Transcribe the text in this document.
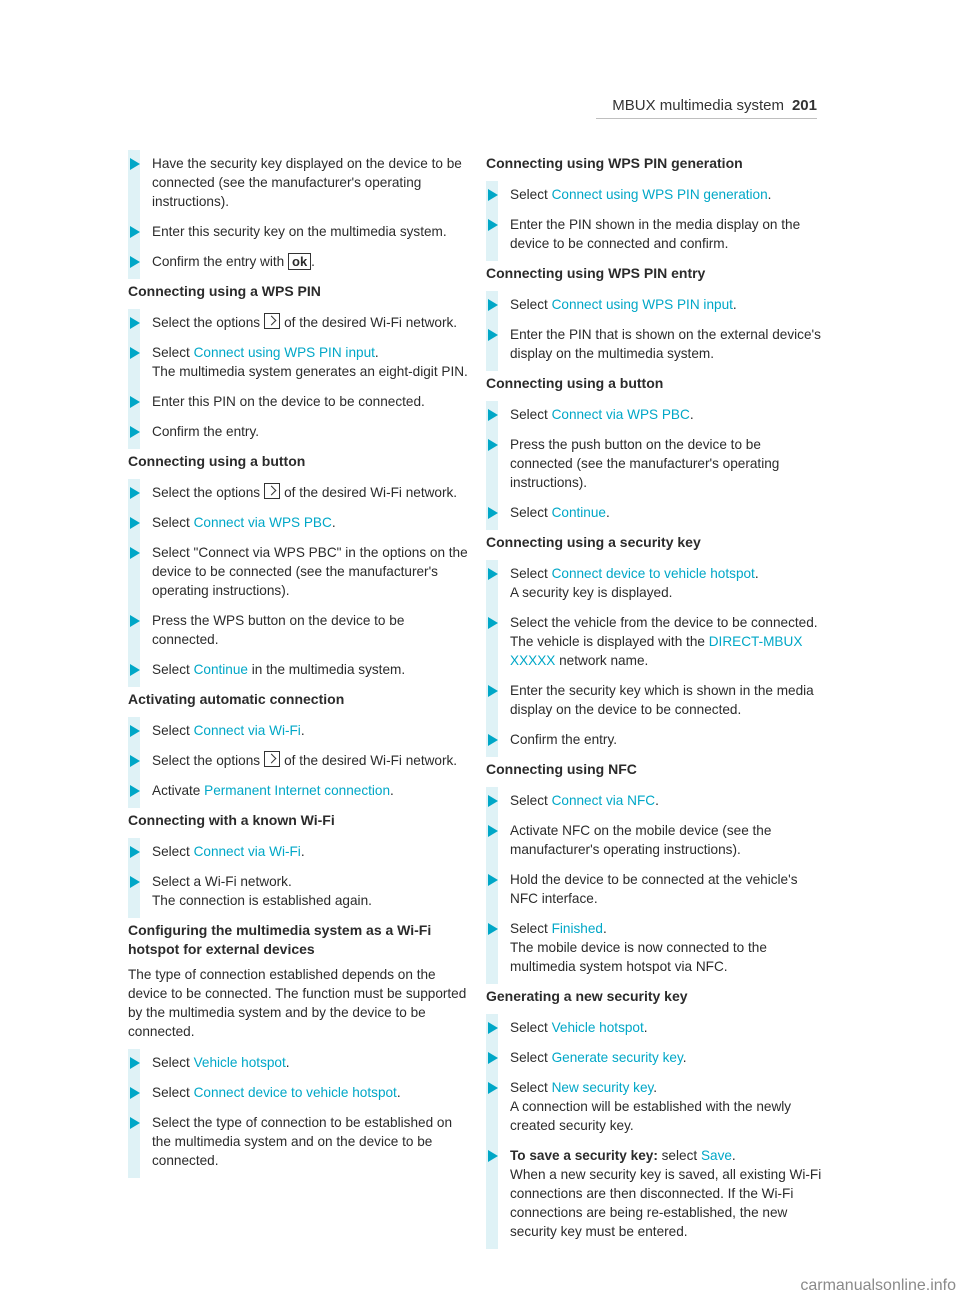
MBUX multimedia system 201
Have the security key displayed on the device to be connected (see the manufacturer's operating instructions).
Enter this security key on the multimedia system.
Confirm the entry with ok .
Connecting using a WPS PIN
Select the options of the desired Wi-Fi network.
Select Connect using WPS PIN input.
The multimedia system generates an eight-digit PIN.
Enter this PIN on the device to be connected.
Confirm the entry.
Connecting using a button
Select the options of the desired Wi-Fi network.
Select Connect via WPS PBC.
Select "Connect via WPS PBC" in the options on the device to be connected (see the manufacturer's operating instructions).
Press the WPS button on the device to be connected.
Select Continue in the multimedia system.
Activating automatic connection
Select Connect via Wi-Fi.
Select the options of the desired Wi-Fi network.
Activate Permanent Internet connection.
Connecting with a known Wi-Fi
Select Connect via Wi-Fi.
Select a Wi-Fi network.
The connection is established again.
Configuring the multimedia system as a Wi-Fi hotspot for external devices
The type of connection established depends on the device to be connected. The function must be supported by the multimedia system and by the device to be connected.
Select Vehicle hotspot.
Select Connect device to vehicle hotspot.
Select the type of connection to be established on the multimedia system and on the device to be connected.
Connecting using WPS PIN generation
Select Connect using WPS PIN generation.
Enter the PIN shown in the media display on the device to be connected and confirm.
Connecting using WPS PIN entry
Select Connect using WPS PIN input.
Enter the PIN that is shown on the external device's display on the multimedia system.
Connecting using a button
Select Connect via WPS PBC.
Press the push button on the device to be connected (see the manufacturer's operating instructions).
Select Continue.
Connecting using a security key
Select Connect device to vehicle hotspot.
A security key is displayed.
Select the vehicle from the device to be connected. The vehicle is displayed with the DIRECT-MBUX XXXXX network name.
Enter the security key which is shown in the media display on the device to be connected.
Confirm the entry.
Connecting using NFC
Select Connect via NFC.
Activate NFC on the mobile device (see the manufacturer's operating instructions).
Hold the device to be connected at the vehicle's NFC interface.
Select Finished.
The mobile device is now connected to the multimedia system hotspot via NFC.
Generating a new security key
Select Vehicle hotspot.
Select Generate security key.
Select New security key.
A connection will be established with the newly created security key.
To save a security key: select Save.
When a new security key is saved, all existing Wi-Fi connections are then disconnected. If the Wi-Fi connections are being re-established, the new security key must be entered.
carmanualsonline.info
